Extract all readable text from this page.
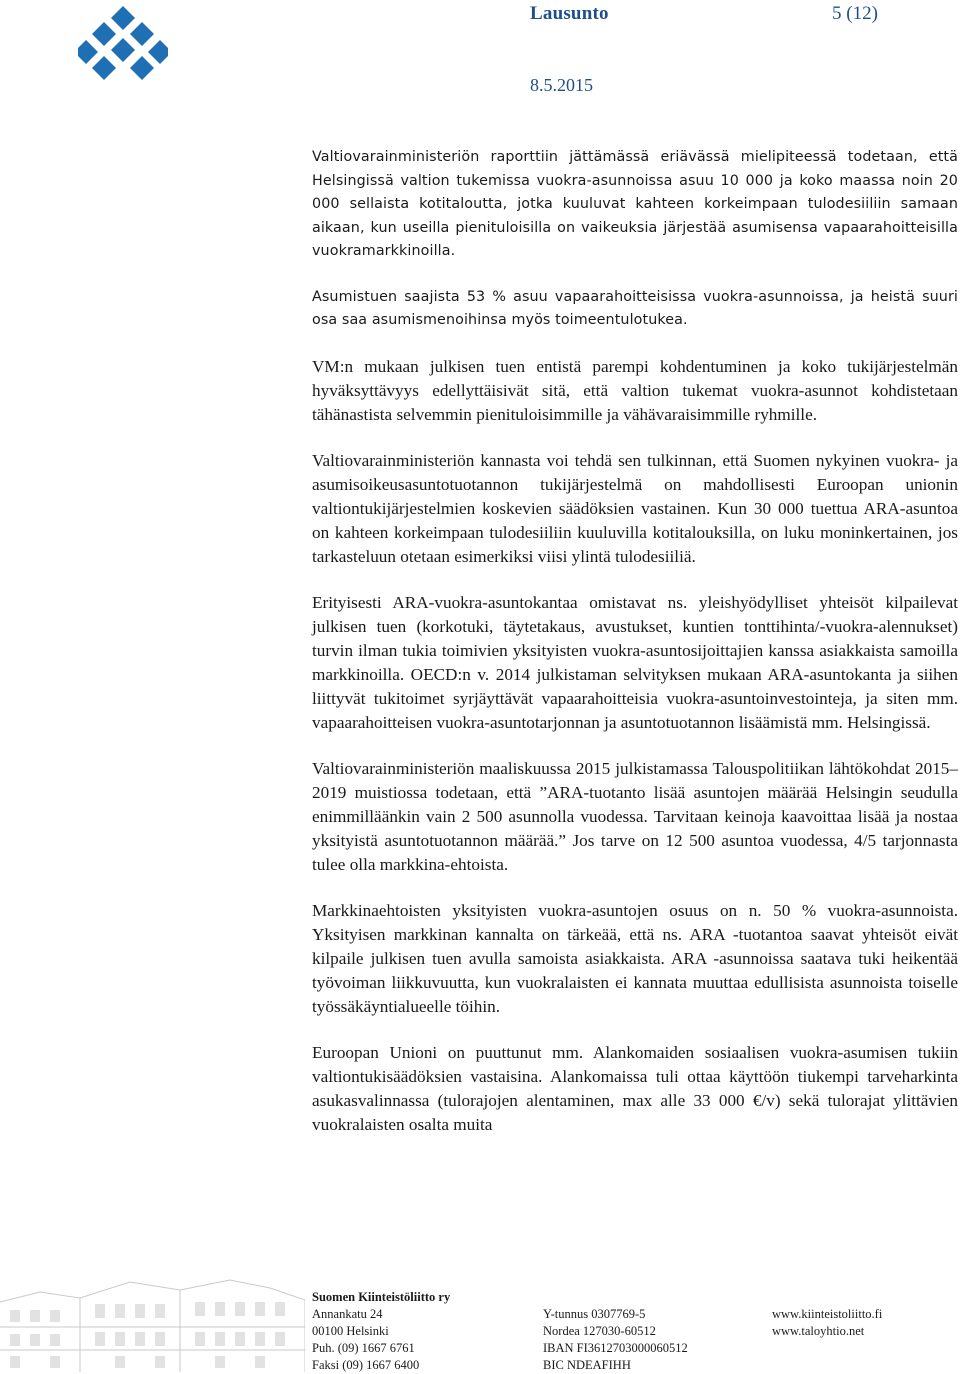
Lausunto	5 (12)
8.5.2015

Valtiovarainministeriön raporttiin jättämässä eriävässä mielipiteessä todetaan, että Helsingissä valtion tukemissa vuokra-asunnoissa asuu 10 000 ja koko maassa noin 20 000 sellaista kotitaloutta, jotka kuuluvat kahteen korkeimpaan tulodesiiliin samaan aikaan, kun useilla pienituloisilla on vaikeuksia järjestää asumisensa vapaarahoitteisilla vuokramarkkinoilla.

Asumistuen saajista 53 % asuu vapaarahoitteisissa vuokra-asunnoissa, ja heistä suuri osa saa asumismenoihinsa myös toimeentulotukea.

VM:n mukaan julkisen tuen entistä parempi kohdentuminen ja koko tukijärjestelmän hyväksyttävyys edellyttäisivät sitä, että valtion tukemat vuokra-asunnot kohdistetaan tähänastista selvemmin pienituloisimmille ja vähävaraisimmille ryhmille.

Valtiovarainministeriön kannasta voi tehdä sen tulkinnan, että Suomen nykyinen vuokra- ja asumisoikeusasuntotuotannon tukijärjestelmä on mahdollisesti Euroopan unionin valtiontukijärjestelmien koskevien säädöksien vastainen. Kun 30 000 tuettua ARA-asuntoa on kahteen korkeimpaan tulodesiiliin kuuluvilla kotitalouksilla, on luku moninkertainen, jos tarkasteluun otetaan esimerkiksi viisi ylintä tulodesiiliä.

Erityisesti ARA-vuokra-asuntokantaa omistavat ns. yleishyödylliset yhteisöt kilpailevat julkisen tuen (korkotuki, täytetakaus, avustukset, kuntien tonttihinta/-vuokra-alennukset) turvin ilman tukia toimivien yksityisten vuokra-asuntosijoittajien kanssa asiakkaista samoilla markkinoilla. OECD:n v. 2014 julkistaman selvityksen mukaan ARA-asuntokanta ja siihen liittyvät tukitoimet syrjäyttävät vapaarahoitteisia vuokra-asuntoinvestointeja, ja siten mm. vapaarahoitteisen vuokra-asuntotarjonnan ja asuntotuotannon lisäämistä mm. Helsingissä.

Valtiovarainministeriön maaliskuussa 2015 julkistamassa Talouspolitiikan lähtökohdat 2015–2019 muistiossa todetaan, että ”ARA-tuotanto lisää asuntojen määrää Helsingin seudulla enimmilläänkin vain 2 500 asunnolla vuodessa. Tarvitaan keinoja kaavoittaa lisää ja nostaa yksityistä asuntotuotannon määrää.” Jos tarve on 12 500 asuntoa vuodessa, 4/5 tarjonnasta tulee olla markkina-ehtoista.

Markkinaehtoisten yksityisten vuokra-asuntojen osuus on n. 50 % vuokra-asunnoista. Yksityisen markkinan kannalta on tärkeää, että ns. ARA -tuotantoa saavat yhteisöt eivät kilpaile julkisen tuen avulla samoista asiakkaista. ARA -asunnoissa saatava tuki heikentää työvoiman liikkuvuutta, kun vuokralaisten ei kannata muuttaa edullisista asunnoista toiselle työssäkäyntialueelle töihin.

Euroopan Unioni on puuttunut mm. Alankomaiden sosiaalisen vuokra-asumisen tukiin valtiontukisäädöksien vastaisina. Alankomaissa tuli ottaa käyttöön tiukempi tarveharkinta asukasvalinnassa (tulorajojen alentaminen, max alle 33 000 €/v) sekä tulorajat ylittävien vuokralaisten osalta muita

Suomen Kiinteistöliitto ry
Annankatu 24
00100 Helsinki
Puh. (09) 1667 6761
Faksi (09) 1667 6400
Y-tunnus 0307769-5
Nordea 127030-60512
IBAN FI3612703000060512
BIC NDEAFIHH
www.kiinteistoliitto.fi
www.taloyhtio.net
